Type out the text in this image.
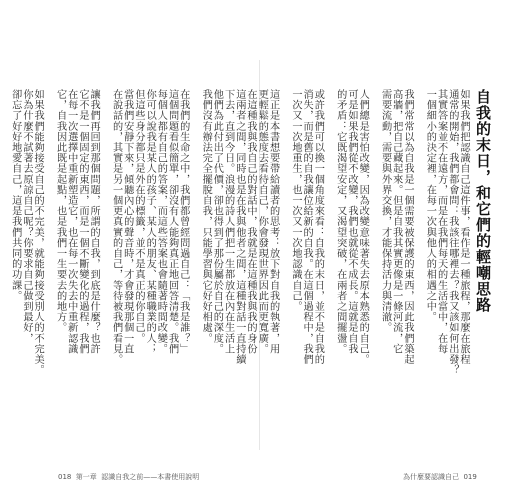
在這種我與我自己的對話中，我就是在這種我與我的身份
這兩者之間，同時也是在我與他者之間，這種對話一直持續
下去，直到今日。浪漫的詩人們把一生都放在內在生活上
他們為此付出了代價，卻也得到了那份屬於自己的深度。
我們沒有辦法完全擺脫自我，只能學習與它好好相處。

在我們的生命之中，我們都曾經問過自己：「我是誰？」
這個問題看似簡單，卻沒有人能夠真正地回答清楚。我們
每個人都有自己的答案，而這些答案也會隨著時間改變。
你可以說我是某人的孩子、某人的朋友、某種職業的人；
但這些身分都只是外在的標籤，並不是真正的你自己。
當我們安靜下來，傾聽內心的聲音時，才會發現那個一直
在說話的，其實是另一個更真實的自己，等待被我們看見。

讓我們再回到那個問題，所謂的自我，到底是什麼？也許
它不是一個固定的東西，而是一個不斷變化的過程，我們
在每一次選擇中重新塑造它，也在每一次失去中重新認識
它，自我因此既是起點，也是我們一生要去的地方。

如果我們能夠接受自己的不完美，就能夠接受別人的不完美。
你為什麼不試著去原諒自己呢？你要求自己做到最好，
卻忘了好好地愛自己，這是我們共同的功課。	如果我們把認識自己這件事，看作是一種旅程，那麼在旅程
通常的開始，我們都會問：我該往哪裡去？我又該如何出發？
其實答案並不在遠方，而是在我們每天的生活當中，在每
一個細小的決定裡，在每一次與他人的相遇之中。

我們常常以為自我是一個需要被保護的東西，因此我們築起
高牆，把自己藏起來。但是自我其實更像是一條河流，它
需要流動，需要與外界交換，才能保持活力與清澈。

人們總是害怕改變，因為改變意味著失去原本熟悉的自己。
可是如果我們從不改變，我們也就從不成長。這就是自我
的矛盾：它既渴望安定，又渴望突破，在兩者之間擺盪。

或許我們可以換一個角度來看：自我的末日，並不是自我的
消失，而是舊的自我讓位給新的自我。在這個過程中，我們
一次又一次地重生，也一次又一次地認識自己。

這正是本書想要帶給讀者的思考：放下對自我的執著，用
更輕鬆的態度去看待自己，你會發現世界因此而更寬廣。	自我的末日，和它們的輕嘲思路
018  第一章  認識自我之前——本書使用說明	為什麼要認識自己  019
